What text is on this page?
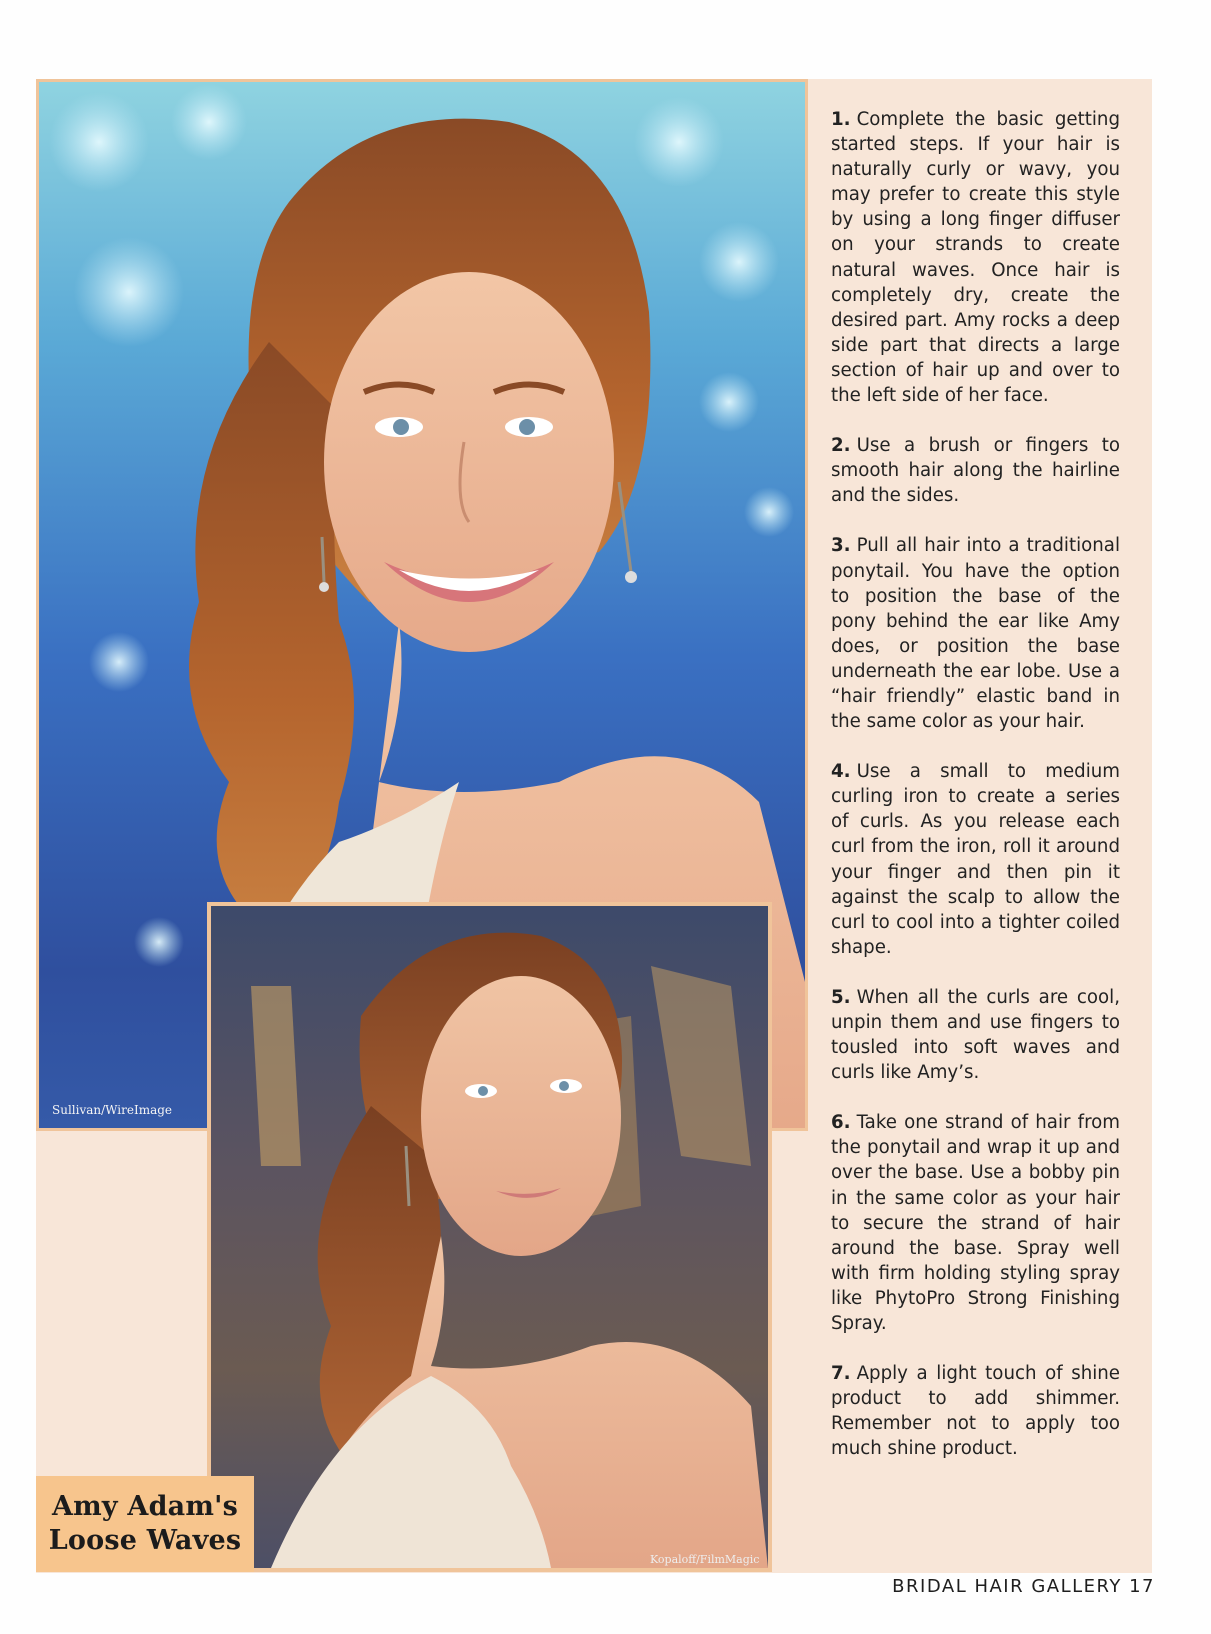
Sullivan/WireImage
Kopaloff/FilmMagic
Amy Adam's
Loose Waves

1. Complete the basic getting started steps. If your hair is naturally curly or wavy, you may prefer to create this style by using a long finger diffuser on your strands to create natural waves. Once hair is completely dry, create the desired part. Amy rocks a deep side part that directs a large section of hair up and over to the left side of her face.

2. Use a brush or fingers to smooth hair along the hairline and the sides.

3. Pull all hair into a traditional ponytail. You have the option to position the base of the pony behind the ear like Amy does, or position the base underneath the ear lobe. Use a “hair friendly” elastic band in the same color as your hair.

4. Use a small to medium curling iron to create a series of curls. As you release each curl from the iron, roll it around your finger and then pin it against the scalp to allow the curl to cool into a tighter coiled shape.

5. When all the curls are cool, unpin them and use fingers to tousled into soft waves and curls like Amy’s.

6. Take one strand of hair from the ponytail and wrap it up and over the base. Use a bobby pin in the same color as your hair to secure the strand of hair around the base. Spray well with firm holding styling spray like PhytoPro Strong Finishing Spray.

7. Apply a light touch of shine product to add shimmer. Remember not to apply too much shine product.

BRIDAL HAIR GALLERY 17
